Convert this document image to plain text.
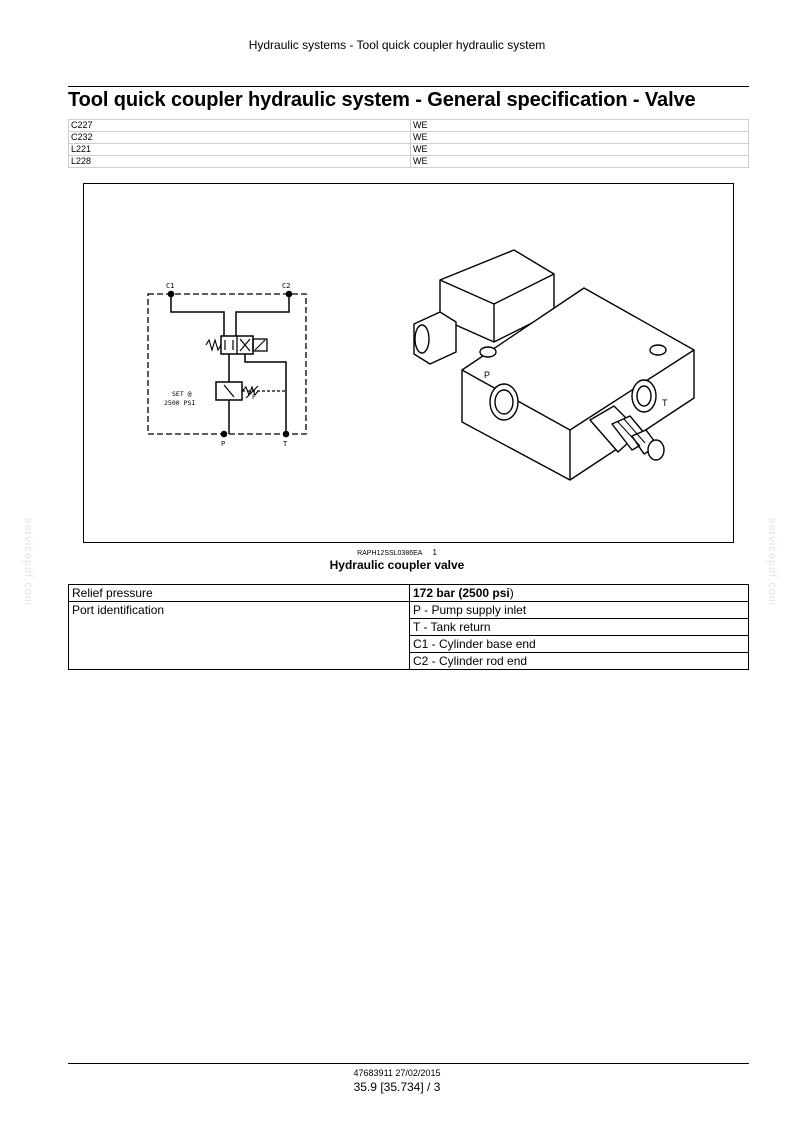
Hydraulic systems - Tool quick coupler hydraulic system
Tool quick coupler hydraulic system - General specification - Valve
C227	WE
C232	WE
L221	WE
L228	WE
C1	C2
SET @
2500 PSI
P	T
F
P
T
RAPH12SSL0386EA 1
Hydraulic coupler valve
Relief pressure	172 bar (2500 psi)
Port identification	P - Pump supply inlet
	T - Tank return
	C1 - Cylinder base end
	C2 - Cylinder rod end
servicepdf.com	servicepdf.com
47683911 27/02/2015
35.9 [35.734] / 3
